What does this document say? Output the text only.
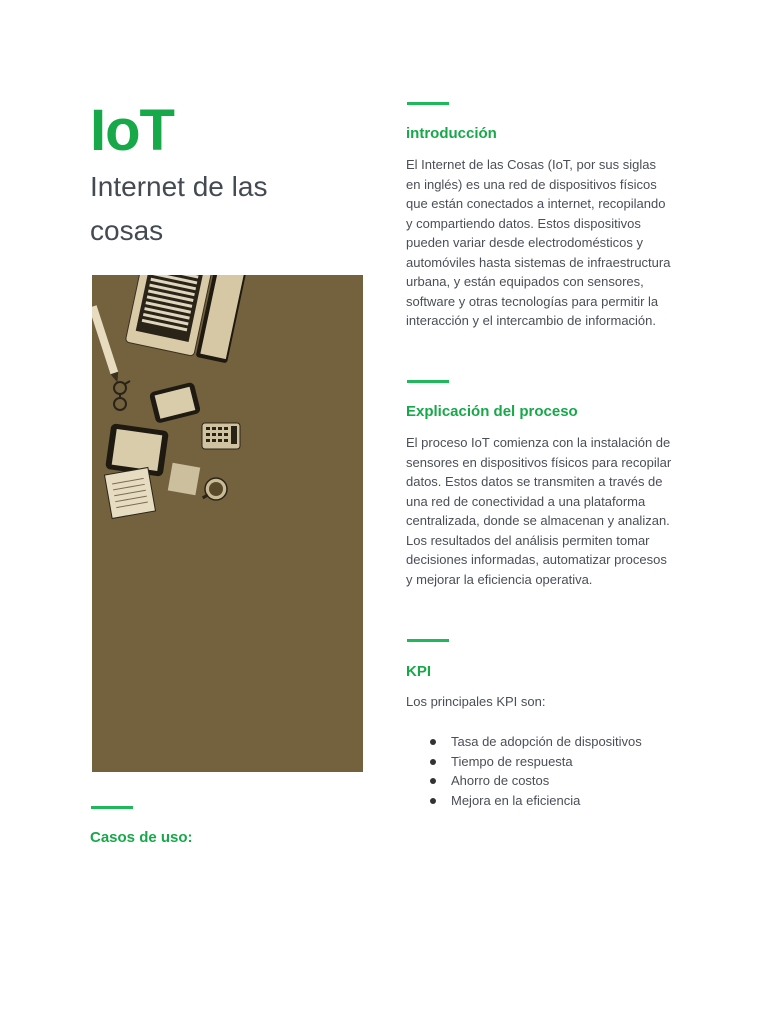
IoT
Internet de las cosas
Casos de uso:
introducción

El Internet de las Cosas (IoT, por sus siglas en inglés) es una red de dispositivos físicos que están conectados a internet, recopilando y compartiendo datos. Estos dispositivos pueden variar desde electrodomésticos y automóviles hasta sistemas de infraestructura urbana, y están equipados con sensores, software y otras tecnologías para permitir la interacción y el intercambio de información.

Explicación del proceso

El proceso IoT comienza con la instalación de sensores en dispositivos físicos para recopilar datos. Estos datos se transmiten a través de una red de conectividad a una plataforma centralizada, donde se almacenan y analizan. Los resultados del análisis permiten tomar decisiones informadas, automatizar procesos y mejorar la eficiencia operativa.

KPI

Los principales KPI son:

Tasa de adopción de dispositivos
Tiempo de respuesta
Ahorro de costos
Mejora en la eficiencia
